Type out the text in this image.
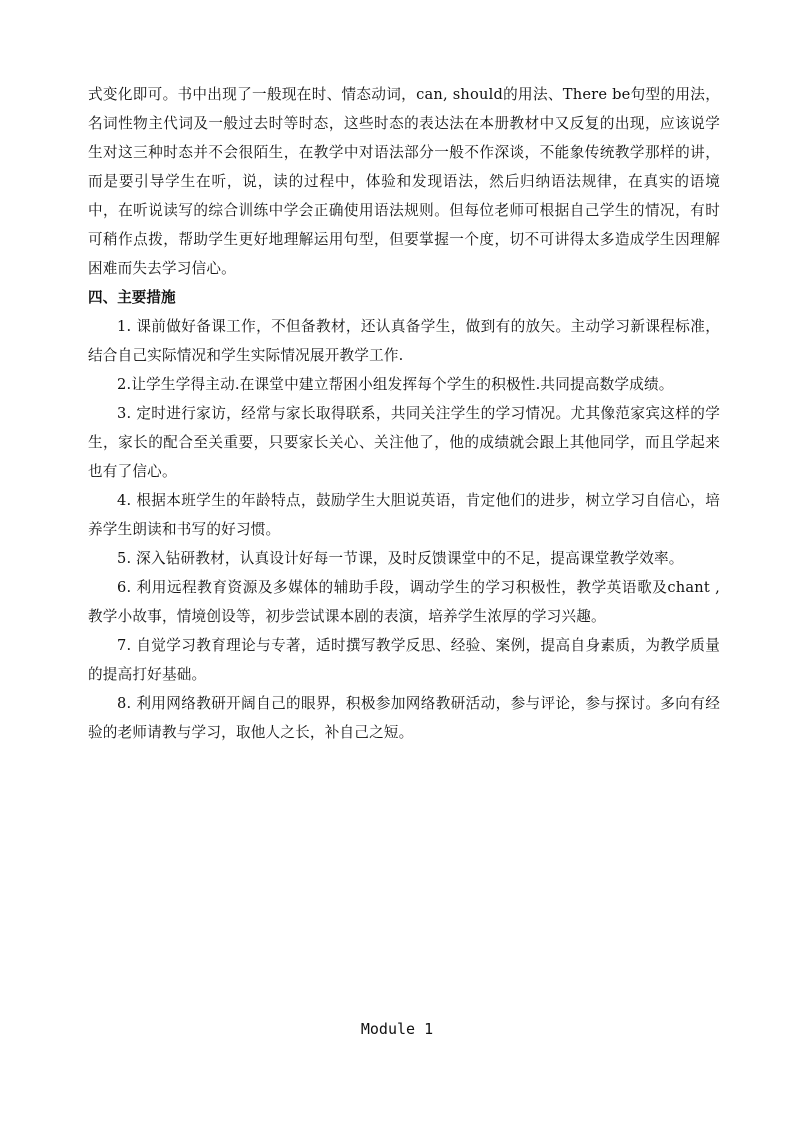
式变化即可。书中出现了一般现在时、情态动词，can, should的用法、There be句型的用法，名词性物主代词及一般过去时等时态，这些时态的表达法在本册教材中又反复的出现，应该说学生对这三种时态并不会很陌生，在教学中对语法部分一般不作深谈，不能象传统教学那样的讲，而是要引导学生在听，说，读的过程中，体验和发现语法，然后归纳语法规律，在真实的语境中，在听说读写的综合训练中学会正确使用语法规则。但每位老师可根据自己学生的情况，有时可稍作点拨，帮助学生更好地理解运用句型，但要掌握一个度，切不可讲得太多造成学生因理解困难而失去学习信心。

四、主要措施

1. 课前做好备课工作，不但备教材，还认真备学生，做到有的放矢。主动学习新课程标准，结合自己实际情况和学生实际情况展开教学工作.

2.让学生学得主动.在课堂中建立帮困小组发挥每个学生的积极性.共同提高数学成绩。

3. 定时进行家访，经常与家长取得联系，共同关注学生的学习情况。尤其像范家宾这样的学生，家长的配合至关重要，只要家长关心、关注他了，他的成绩就会跟上其他同学，而且学起来也有了信心。

4. 根据本班学生的年龄特点，鼓励学生大胆说英语，肯定他们的进步，树立学习自信心，培养学生朗读和书写的好习惯。

5. 深入钻研教材，认真设计好每一节课，及时反馈课堂中的不足，提高课堂教学效率。

6. 利用远程教育资源及多媒体的辅助手段，调动学生的学习积极性，教学英语歌及chant ,教学小故事，情境创设等，初步尝试课本剧的表演，培养学生浓厚的学习兴趣。

7. 自觉学习教育理论与专著，适时撰写教学反思、经验、案例，提高自身素质，为教学质量的提高打好基础。

8. 利用网络教研开阔自己的眼界，积极参加网络教研活动，参与评论，参与探讨。多向有经验的老师请教与学习，取他人之长，补自己之短。

Module 1
